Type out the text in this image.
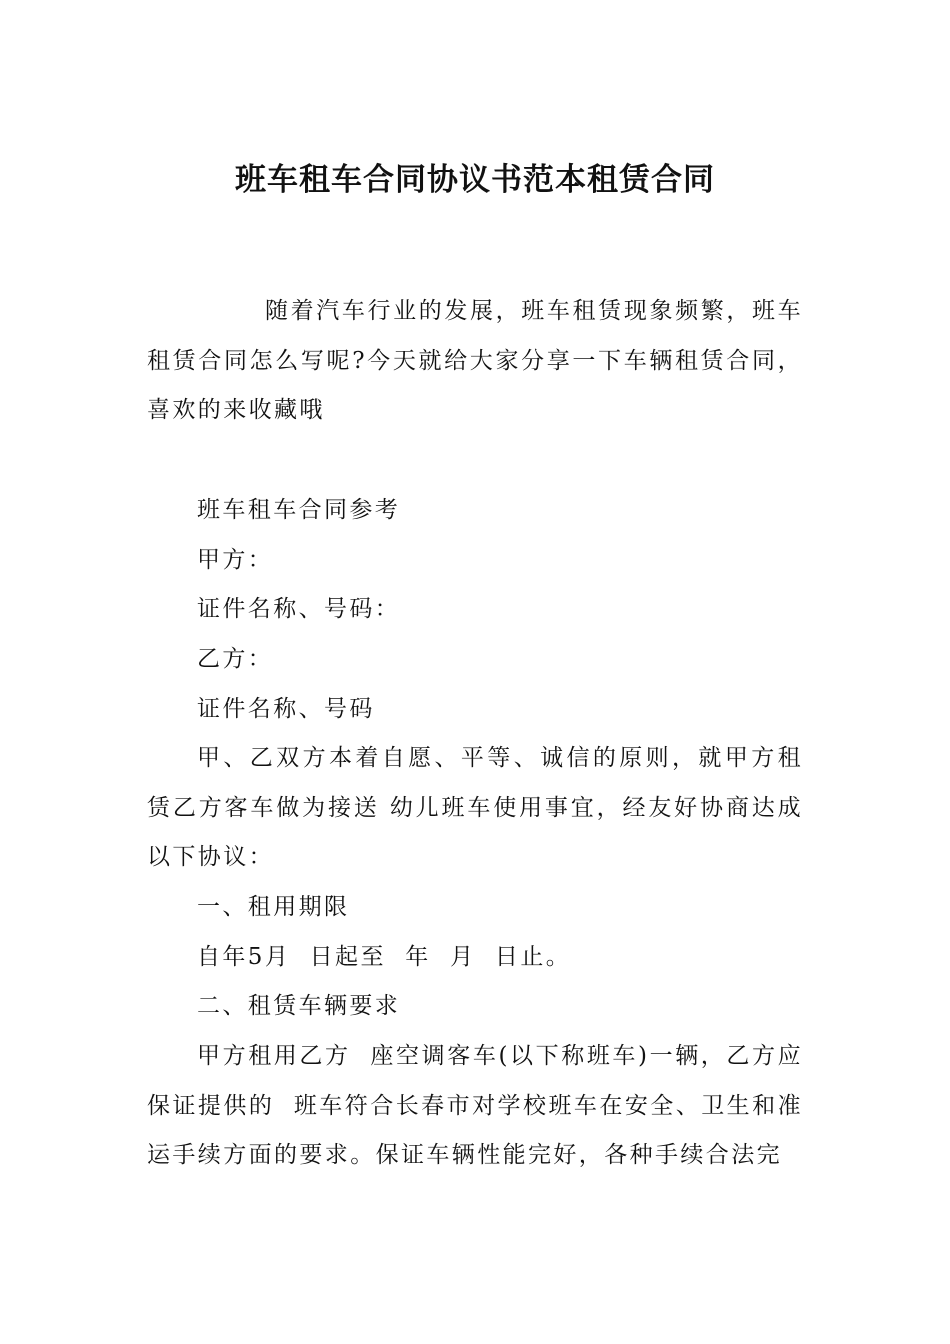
班车租车合同协议书范本租赁合同

随着汽车行业的发展，班车租赁现象频繁，班车租赁合同怎么写呢?今天就给大家分享一下车辆租赁合同，喜欢的来收藏哦

班车租车合同参考

甲方：

证件名称、号码：

乙方：

证件名称、号码

甲、乙双方本着自愿、平等、诚信的原则，就甲方租赁乙方客车做为接送 幼儿班车使用事宜，经友好协商达成以下协议：

一、租用期限

自年5月  日起至  年  月  日止。

二、租赁车辆要求

甲方租用乙方  座空调客车(以下称班车)一辆，乙方应保证提供的  班车符合长春市对学校班车在安全、卫生和准运手续方面的要求。保证车辆性能完好，各种手续合法完
